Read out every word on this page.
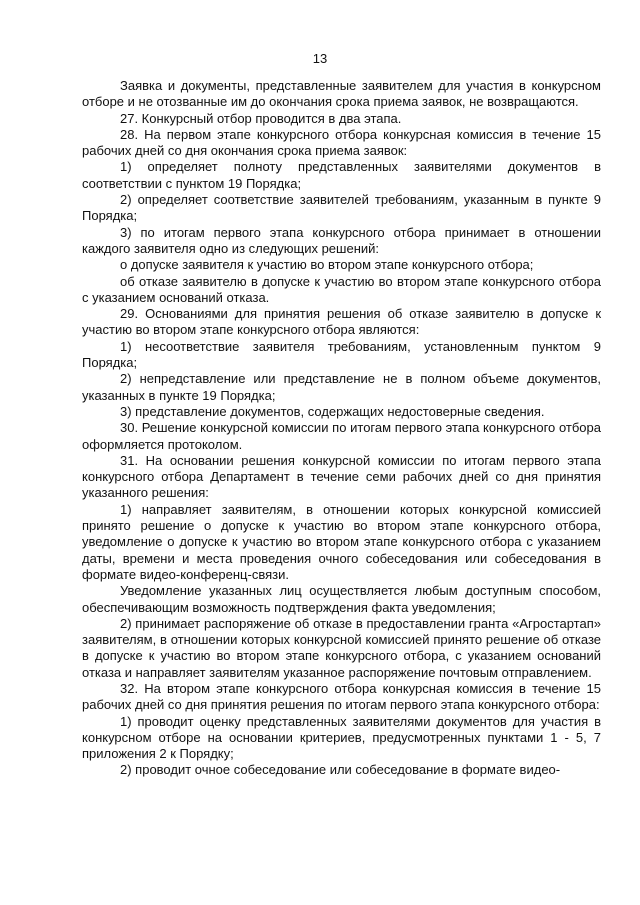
13

Заявка и документы, представленные заявителем для участия в конкурсном отборе и не отозванные им до окончания срока приема заявок, не возвращаются.

27. Конкурсный отбор проводится в два этапа.

28. На первом этапе конкурсного отбора конкурсная комиссия в течение 15 рабочих дней со дня окончания срока приема заявок:

1) определяет полноту представленных заявителями документов в соответствии с пунктом 19 Порядка;

2) определяет соответствие заявителей требованиям, указанным в пункте 9 Порядка;

3) по итогам первого этапа конкурсного отбора принимает в отношении каждого заявителя одно из следующих решений:

о допуске заявителя к участию во втором этапе конкурсного отбора;

об отказе заявителю в допуске к участию во втором этапе конкурсного отбора с указанием оснований отказа.

29. Основаниями для принятия решения об отказе заявителю в допуске к участию во втором этапе конкурсного отбора являются:

1) несоответствие заявителя требованиям, установленным пунктом 9 Порядка;

2) непредставление или представление не в полном объеме документов, указанных в пункте 19 Порядка;

3) представление документов, содержащих недостоверные сведения.

30. Решение конкурсной комиссии по итогам первого этапа конкурсного отбора оформляется протоколом.

31. На основании решения конкурсной комиссии по итогам первого этапа конкурсного отбора Департамент в течение семи рабочих дней со дня принятия указанного решения:

1) направляет заявителям, в отношении которых конкурсной комиссией принято решение о допуске к участию во втором этапе конкурсного отбора, уведомление о допуске к участию во втором этапе конкурсного отбора с указанием даты, времени и места проведения очного собеседования или собеседования в формате видео-конференц-связи.

Уведомление указанных лиц осуществляется любым доступным способом, обеспечивающим возможность подтверждения факта уведомления;

2) принимает распоряжение об отказе в предоставлении гранта «Агростартап» заявителям, в отношении которых конкурсной комиссией принято решение об отказе в допуске к участию во втором этапе конкурсного отбора, с указанием оснований отказа и направляет заявителям указанное распоряжение почтовым отправлением.

32. На втором этапе конкурсного отбора конкурсная комиссия в течение 15 рабочих дней со дня принятия решения по итогам первого этапа конкурсного отбора:

1) проводит оценку представленных заявителями документов для участия в конкурсном отборе на основании критериев, предусмотренных пунктами 1 - 5, 7 приложения 2 к Порядку;

2) проводит очное собеседование или собеседование в формате видео-
